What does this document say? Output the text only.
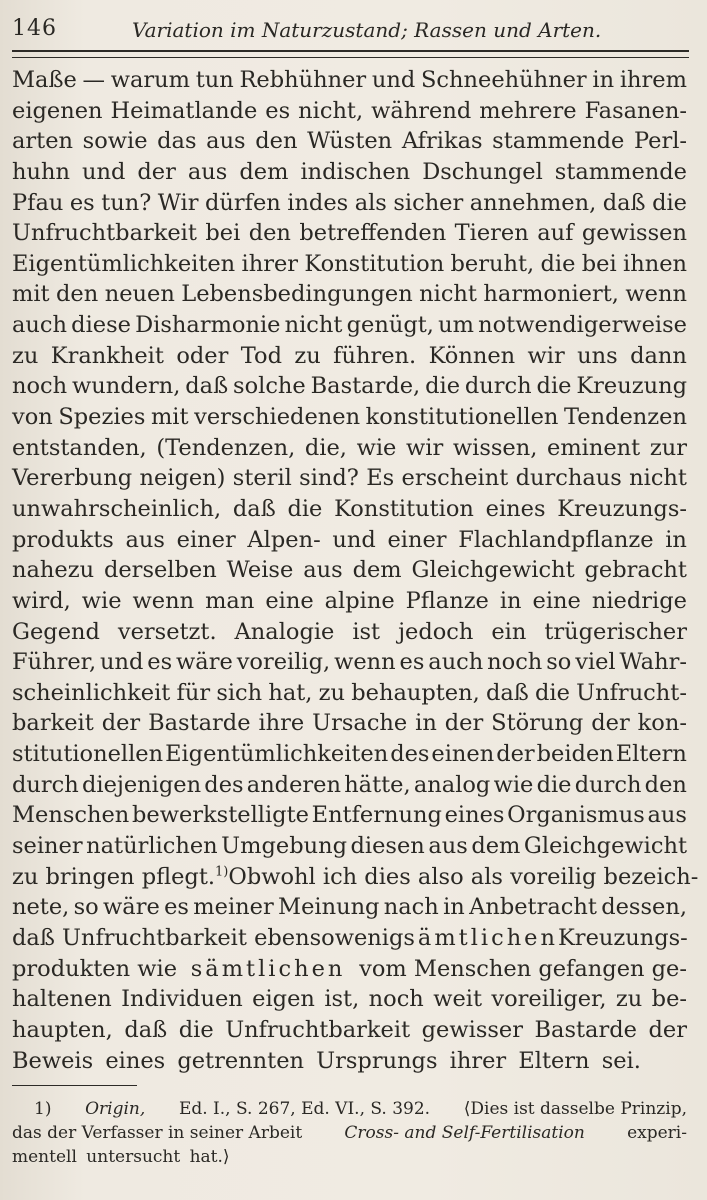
146	Variation im Naturzustand; Rassen und Arten.
Maße — warum tun Rebhühner und Schneehühner in ihrem
eigenen Heimatlande es nicht, während mehrere Fasanen-
arten sowie das aus den Wüsten Afrikas stammende Perl-
huhn und der aus dem indischen Dschungel stammende
Pfau es tun? Wir dürfen indes als sicher annehmen, daß die
Unfruchtbarkeit bei den betreffenden Tieren auf gewissen
Eigentümlichkeiten ihrer Konstitution beruht, die bei ihnen
mit den neuen Lebensbedingungen nicht harmoniert, wenn
auch diese Disharmonie nicht genügt, um notwendigerweise
zu Krankheit oder Tod zu führen. Können wir uns dann
noch wundern, daß solche Bastarde, die durch die Kreuzung
von Spezies mit verschiedenen konstitutionellen Tendenzen
entstanden, (Tendenzen, die, wie wir wissen, eminent zur
Vererbung neigen) steril sind? Es erscheint durchaus nicht
unwahrscheinlich, daß die Konstitution eines Kreuzungs-
produkts aus einer Alpen- und einer Flachlandpflanze in
nahezu derselben Weise aus dem Gleichgewicht gebracht
wird, wie wenn man eine alpine Pflanze in eine niedrige
Gegend versetzt. Analogie ist jedoch ein trügerischer
Führer, und es wäre voreilig, wenn es auch noch so viel Wahr-
scheinlichkeit für sich hat, zu behaupten, daß die Unfrucht-
barkeit der Bastarde ihre Ursache in der Störung der kon-
stitutionellen Eigentümlichkeiten des einen der beiden Eltern
durch diejenigen des anderen hätte, analog wie die durch den
Menschen bewerkstelligte Entfernung eines Organismus aus
seiner natürlichen Umgebung diesen aus dem Gleichgewicht
zu bringen pflegt. $^{1)}$ Obwohl ich dies also als voreilig bezeich-
nete, so wäre es meiner Meinung nach in Anbetracht dessen,
daß Unfruchtbarkeit ebensowenig sämtlichen Kreuzungs-
produkten wie sämtlichen vom Menschen gefangen ge-
haltenen Individuen eigen ist, noch weit voreiliger, zu be-
haupten, daß die Unfruchtbarkeit gewisser Bastarde der
Beweis eines getrennten Ursprungs ihrer Eltern sei.
1) Origin, Ed. I., S. 267, Ed. VI., S. 392. ⟨Dies ist dasselbe Prinzip,
das der Verfasser in seiner Arbeit Cross- and Self-Fertilisation experi-
mentell untersucht hat.⟩
